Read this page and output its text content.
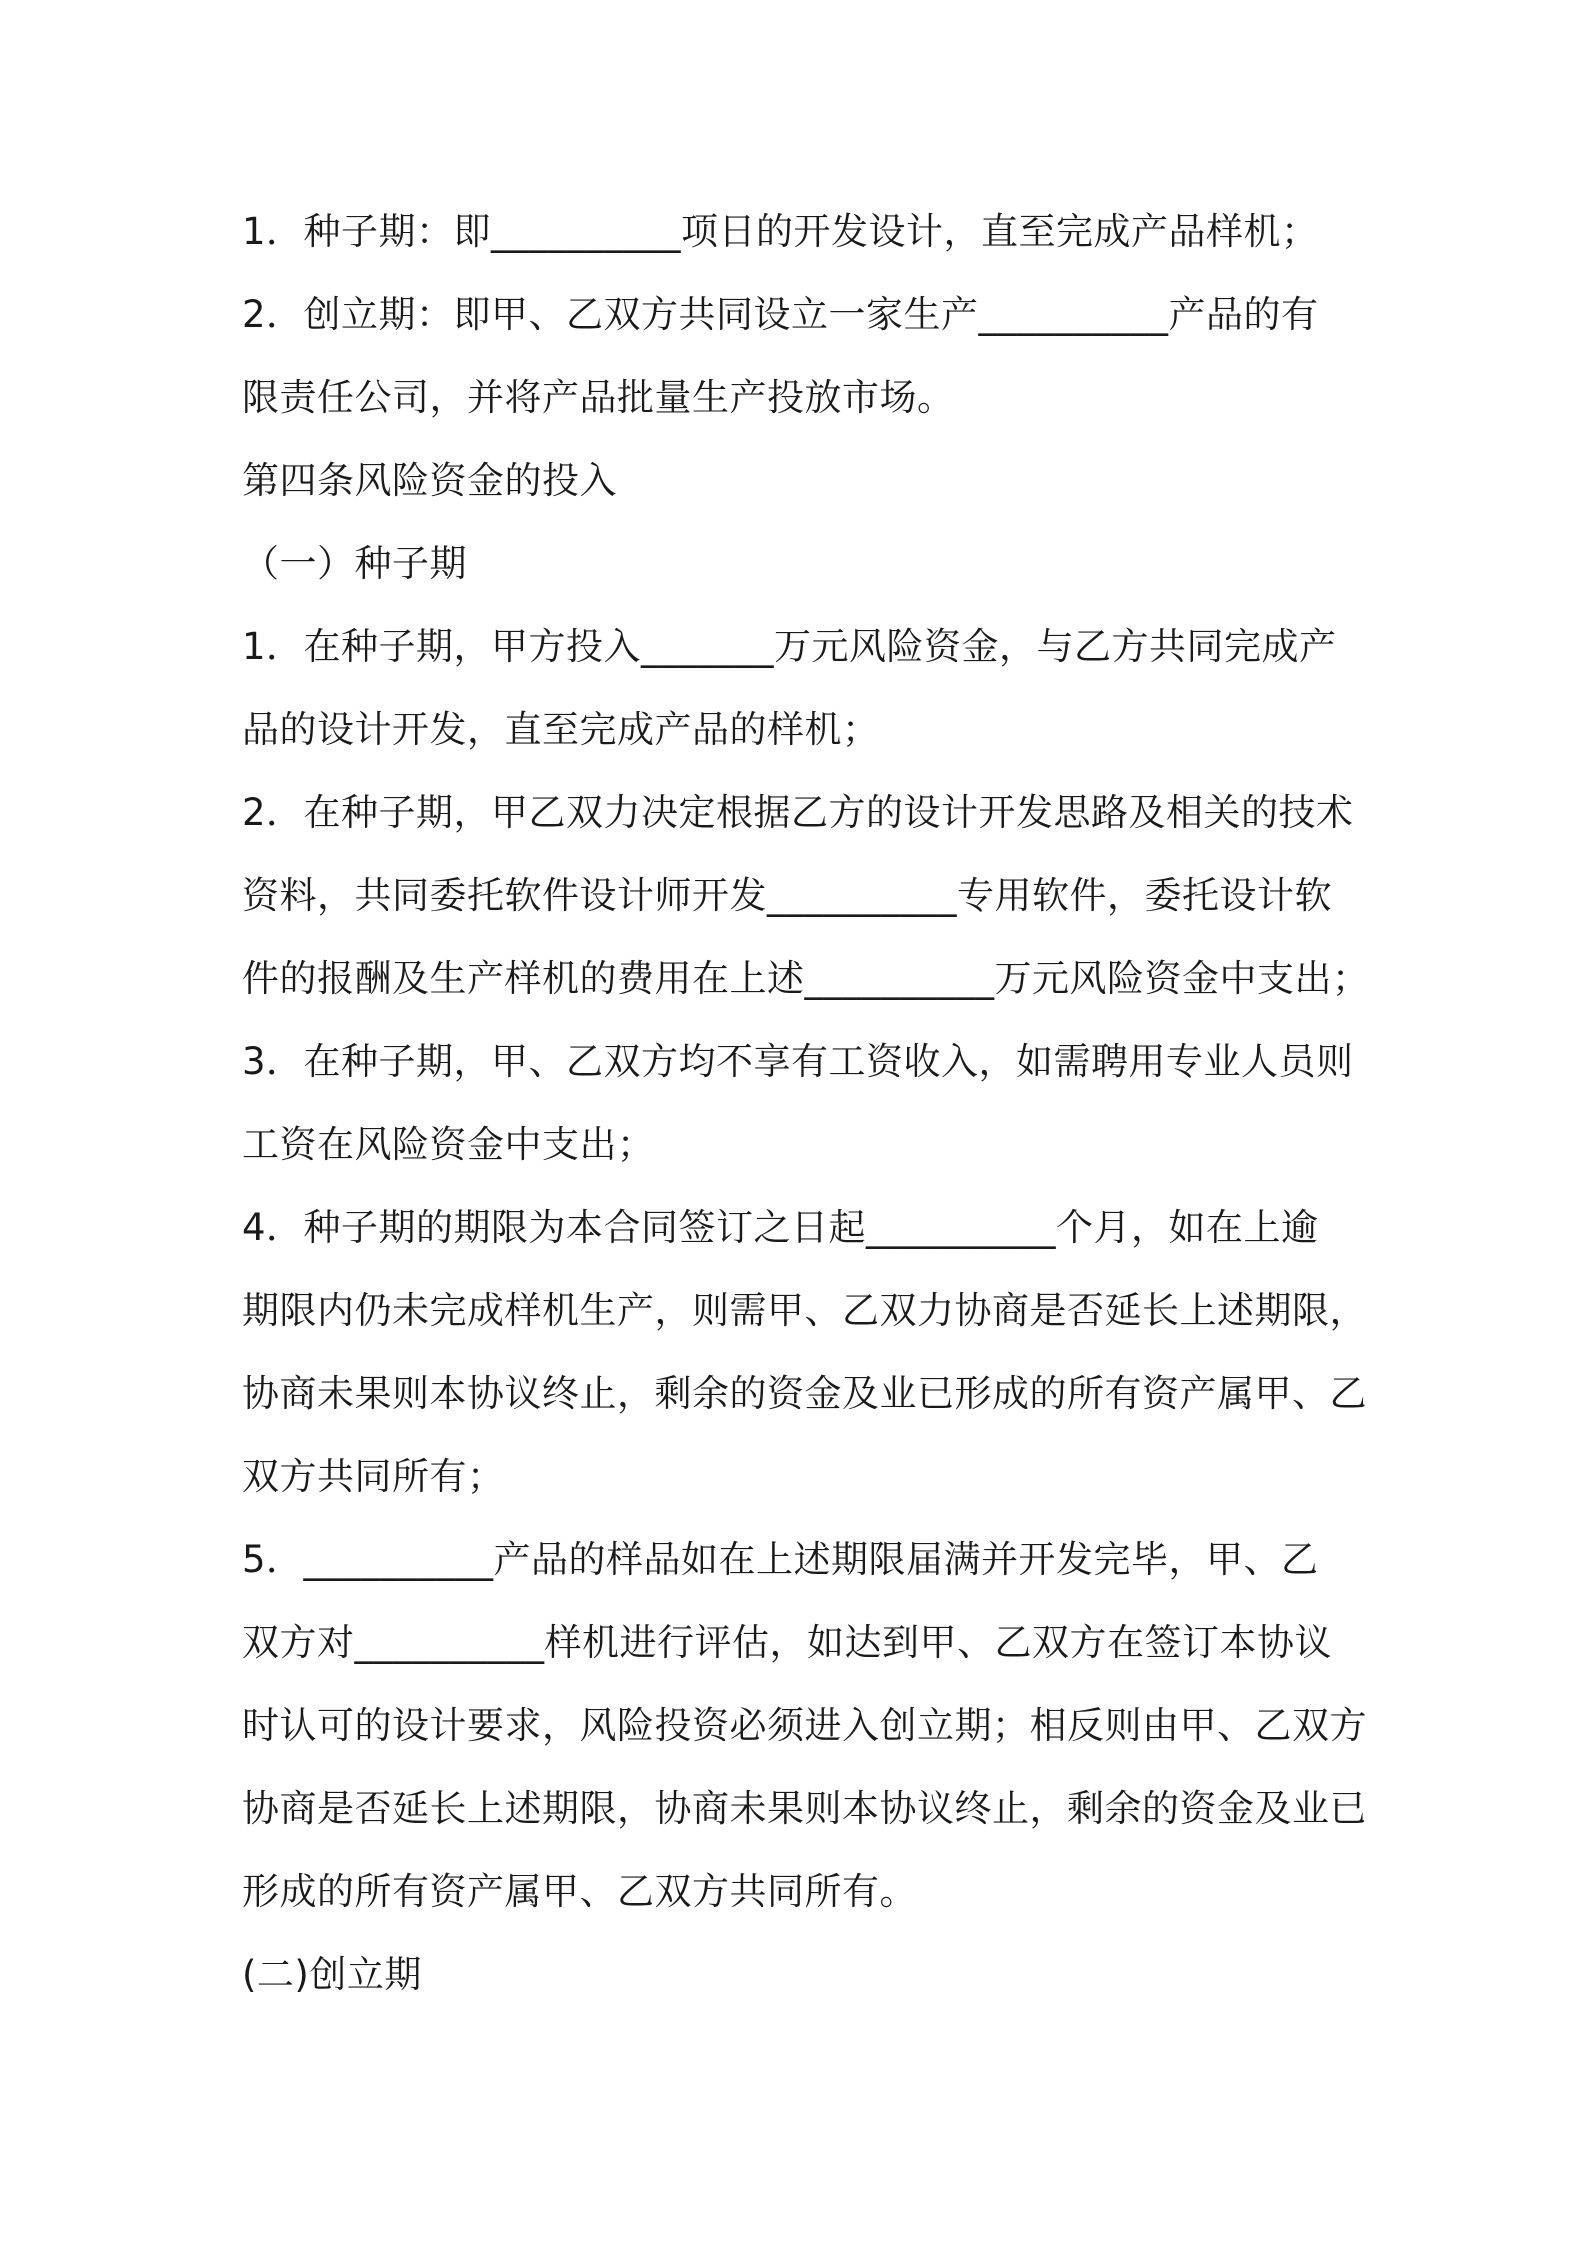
1．种子期：即__________项日的开发设计，直至完成产品样机；
2．创立期：即甲、乙双方共同设立一家生产__________产品的有
限责任公司，并将产品批量生产投放市场。
第四条风险资金的投入
（一）种子期
1．在种子期，甲方投入_______万元风险资金，与乙方共同完成产
品的设计开发，直至完成产品的样机；
2．在种子期，甲乙双力决定根据乙方的设计开发思路及相关的技术
资料，共同委托软件设计师开发__________专用软件，委托设计软
件的报酬及生产样机的费用在上述__________万元风险资金中支出；
3．在种子期，甲、乙双方均不享有工资收入，如需聘用专业人员则
工资在风险资金中支出；
4．种子期的期限为本合同签订之日起__________个月，如在上逾
期限内仍未完成样机生产，则需甲、乙双力协商是否延长上述期限，
协商未果则本协议终止，剩余的资金及业已形成的所有资产属甲、乙
双方共同所有；
5．__________产品的样品如在上述期限届满并开发完毕，甲、乙
双方对__________样机进行评估，如达到甲、乙双方在签订本协议
时认可的设计要求，风险投资必须进入创立期；相反则由甲、乙双方
协商是否延长上述期限，协商未果则本协议终止，剩余的资金及业已
形成的所有资产属甲、乙双方共同所有。
(二)创立期
